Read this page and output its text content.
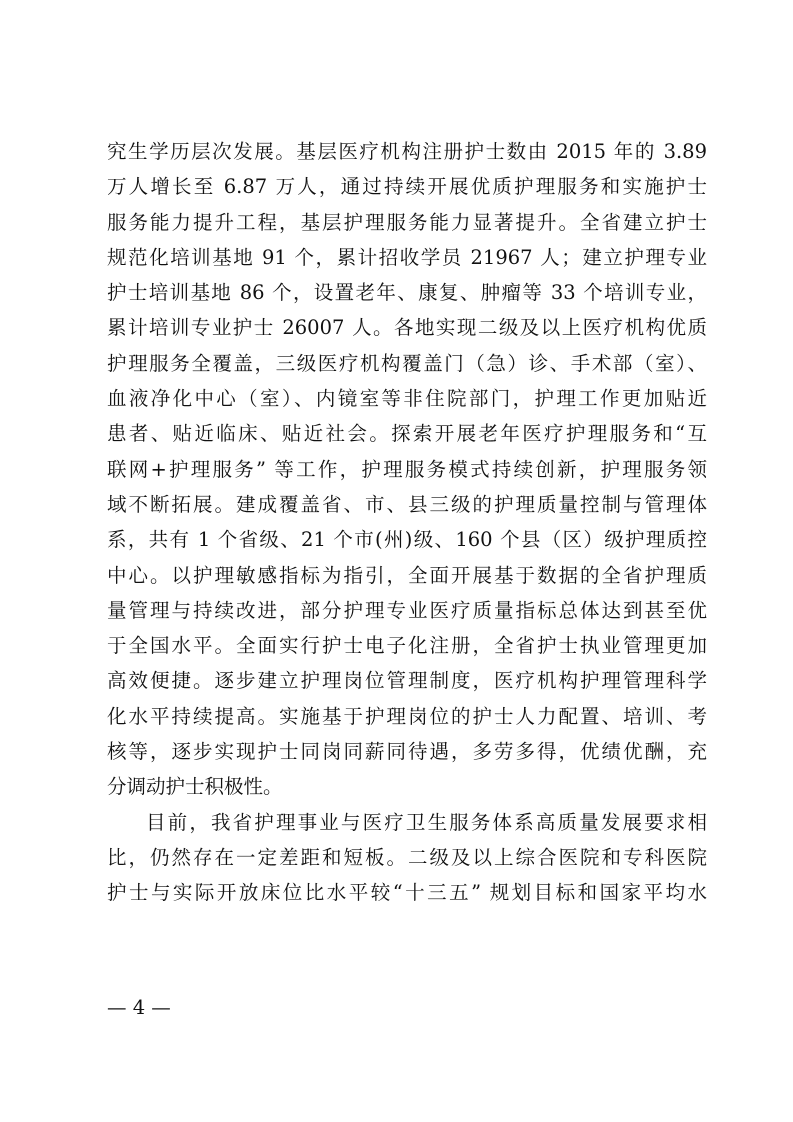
究生学历层次发展。基层医疗机构注册护士数由 2015 年的 3.89
万人增长至 6.87 万人，通过持续开展优质护理服务和实施护士
服务能力提升工程，基层护理服务能力显著提升。全省建立护士
规范化培训基地 91 个，累计招收学员 21967 人；建立护理专业
护士培训基地 86 个，设置老年、康复、肿瘤等 33 个培训专业，
累计培训专业护士 26007 人。各地实现二级及以上医疗机构优质
护理服务全覆盖，三级医疗机构覆盖门（急）诊、手术部（室）、
血液净化中心（室）、内镜室等非住院部门，护理工作更加贴近
患者、贴近临床、贴近社会。探索开展老年医疗护理服务和“互
联网+护理服务” 等工作，护理服务模式持续创新，护理服务领
域不断拓展。建成覆盖省、市、县三级的护理质量控制与管理体
系，共有 1 个省级、21 个市(州)级、160 个县（区）级护理质控
中心。以护理敏感指标为指引，全面开展基于数据的全省护理质
量管理与持续改进，部分护理专业医疗质量指标总体达到甚至优
于全国水平。全面实行护士电子化注册，全省护士执业管理更加
高效便捷。逐步建立护理岗位管理制度，医疗机构护理管理科学
化水平持续提高。实施基于护理岗位的护士人力配置、培训、考
核等，逐步实现护士同岗同薪同待遇，多劳多得，优绩优酬，充
分调动护士积极性。
目前，我省护理事业与医疗卫生服务体系高质量发展要求相
比，仍然存在一定差距和短板。二级及以上综合医院和专科医院
护士与实际开放床位比水平较“十三五” 规划目标和国家平均水
— 4 —
